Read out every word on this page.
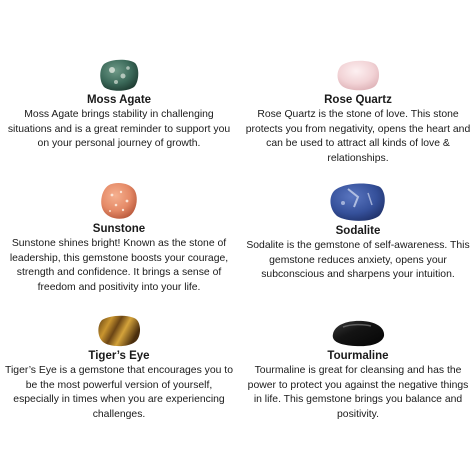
Moss Agate
Moss Agate brings stability in challenging situations and is a great reminder to support you on your personal journey of growth.
Rose Quartz
Rose Quartz is the stone of love. This stone protects you from negativity, opens the heart and can be used to attract all kinds of love & relationships.
Sunstone
Sunstone shines bright! Known as the stone of leadership, this gemstone boosts your courage, strength and confidence. It brings a sense of freedom and positivity into your life.
Sodalite
Sodalite is the gemstone of self-awareness. This gemstone reduces anxiety, opens your subconscious and sharpens your intuition.
Tiger’s Eye
Tiger’s Eye is a gemstone that encourages you to be the most powerful version of yourself, especially in times when you are experiencing challenges.
Tourmaline
Tourmaline is great for cleansing and has the power to protect you against the negative things in life. This gemstone brings you balance and positivity.
